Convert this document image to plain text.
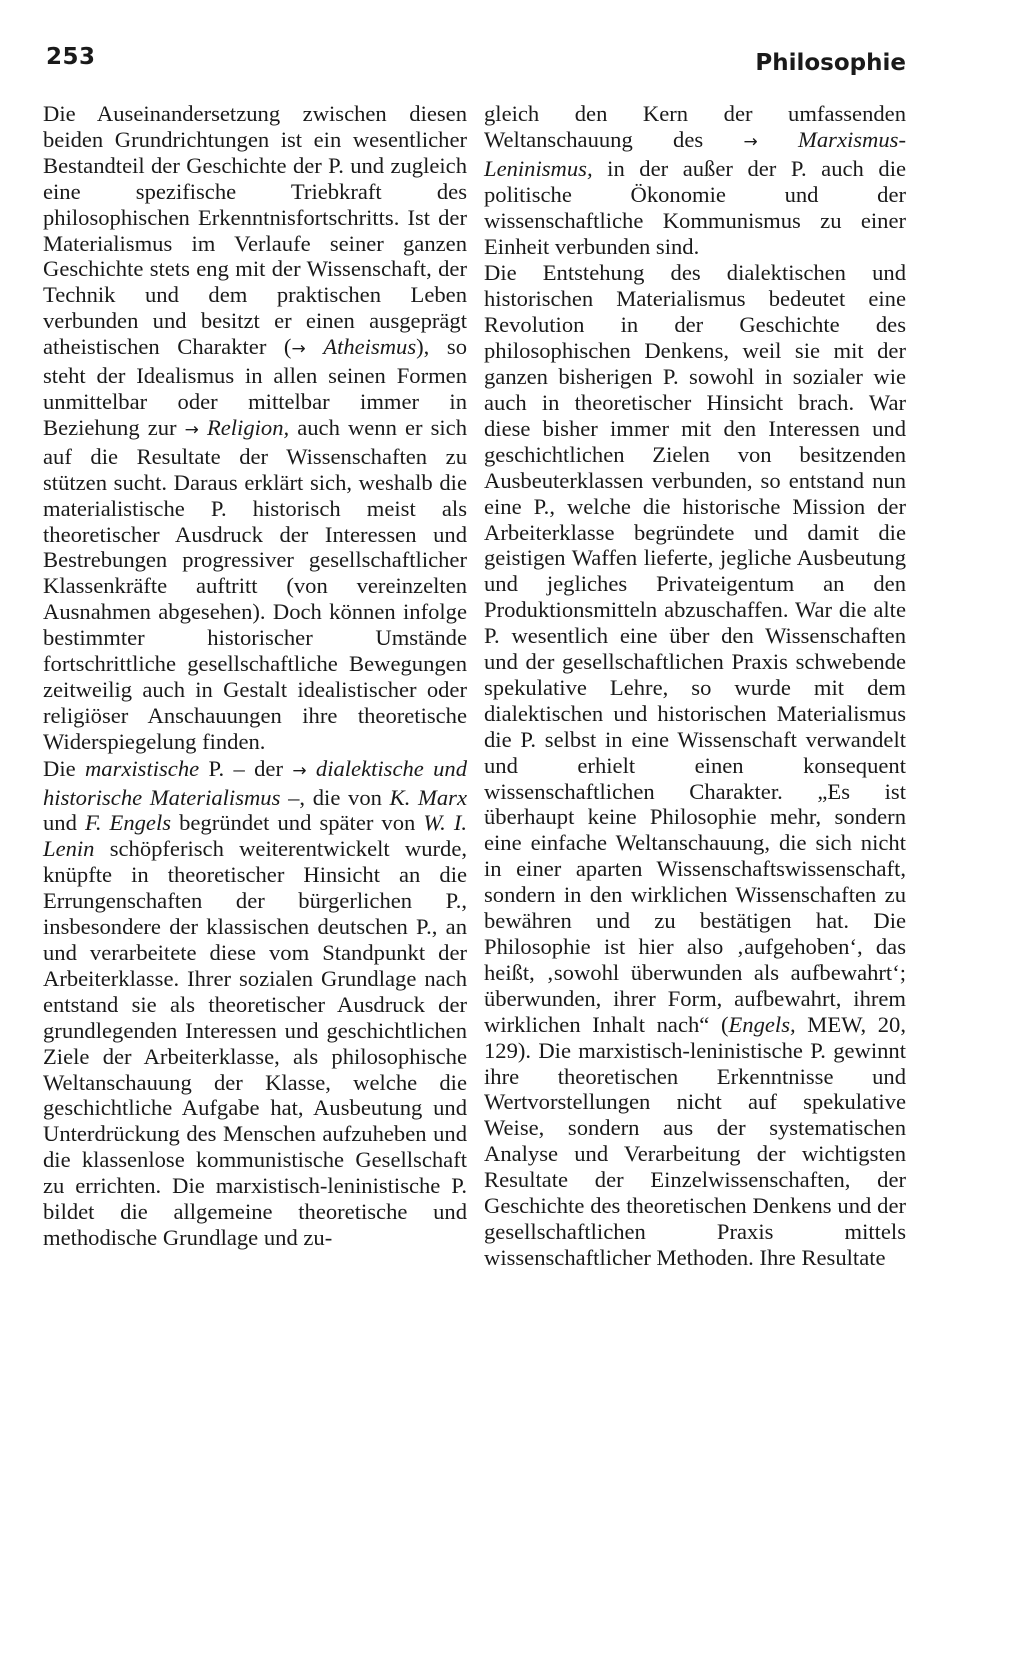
253	Philosophie

Die Auseinandersetzung zwischen diesen beiden Grundrichtungen ist ein wesentlicher Bestandteil der Geschichte der P. und zugleich eine spezifische Triebkraft des philosophischen Erkenntnisfortschritts. Ist der Materialismus im Verlaufe seiner ganzen Geschichte stets eng mit der Wissenschaft, der Technik und dem praktischen Leben verbunden und besitzt er einen ausgeprägt atheistischen Charakter (→ Atheismus), so steht der Idealismus in allen seinen Formen unmittelbar oder mittelbar immer in Beziehung zur → Religion, auch wenn er sich auf die Resultate der Wissenschaften zu stützen sucht. Daraus erklärt sich, weshalb die materialistische P. historisch meist als theoretischer Ausdruck der Interessen und Bestrebungen progressiver gesellschaftlicher Klassenkräfte auftritt (von vereinzelten Ausnahmen abgesehen). Doch können infolge bestimmter historischer Umstände fortschrittliche gesellschaftliche Bewegungen zeitweilig auch in Gestalt idealistischer oder religiöser Anschauungen ihre theoretische Widerspiegelung finden.

Die marxistische P. – der → dialektische und historische Materialismus –, die von K. Marx und F. Engels begründet und später von W. I. Lenin schöpferisch weiterentwickelt wurde, knüpfte in theoretischer Hinsicht an die Errungenschaften der bürgerlichen P., insbesondere der klassischen deutschen P., an und verarbeitete diese vom Standpunkt der Arbeiterklasse. Ihrer sozialen Grundlage nach entstand sie als theoretischer Ausdruck der grundlegenden Interessen und geschichtlichen Ziele der Arbeiterklasse, als philosophische Weltanschauung der Klasse, welche die geschichtliche Aufgabe hat, Ausbeutung und Unterdrückung des Menschen aufzuheben und die klassenlose kommunistische Gesellschaft zu errichten. Die marxistisch-leninistische P. bildet die allgemeine theoretische und methodische Grundlage und zu-

gleich den Kern der umfassenden Weltanschauung des → Marxismus-Leninismus, in der außer der P. auch die politische Ökonomie und der wissenschaftliche Kommunismus zu einer Einheit verbunden sind.

Die Entstehung des dialektischen und historischen Materialismus bedeutet eine Revolution in der Geschichte des philosophischen Denkens, weil sie mit der ganzen bisherigen P. sowohl in sozialer wie auch in theoretischer Hinsicht brach. War diese bisher immer mit den Interessen und geschichtlichen Zielen von besitzenden Ausbeuterklassen verbunden, so entstand nun eine P., welche die historische Mission der Arbeiterklasse begründete und damit die geistigen Waffen lieferte, jegliche Ausbeutung und jegliches Privateigentum an den Produktionsmitteln abzuschaffen. War die alte P. wesentlich eine über den Wissenschaften und der gesellschaftlichen Praxis schwebende spekulative Lehre, so wurde mit dem dialektischen und historischen Materialismus die P. selbst in eine Wissenschaft verwandelt und erhielt einen konsequent wissenschaftlichen Charakter. „Es ist überhaupt keine Philosophie mehr, sondern eine einfache Weltanschauung, die sich nicht in einer aparten Wissenschaftswissenschaft, sondern in den wirklichen Wissenschaften zu bewähren und zu bestätigen hat. Die Philosophie ist hier also ‚aufgehoben‘, das heißt, ‚sowohl überwunden als aufbewahrt‘; überwunden, ihrer Form, aufbewahrt, ihrem wirklichen Inhalt nach“ (Engels, MEW, 20, 129). Die marxistisch-leninistische P. gewinnt ihre theoretischen Erkenntnisse und Wertvorstellungen nicht auf spekulative Weise, sondern aus der systematischen Analyse und Verarbeitung der wichtigsten Resultate der Einzelwissenschaften, der Geschichte des theoretischen Denkens und der gesellschaftlichen Praxis mittels wissenschaftlicher Methoden. Ihre Resultate
